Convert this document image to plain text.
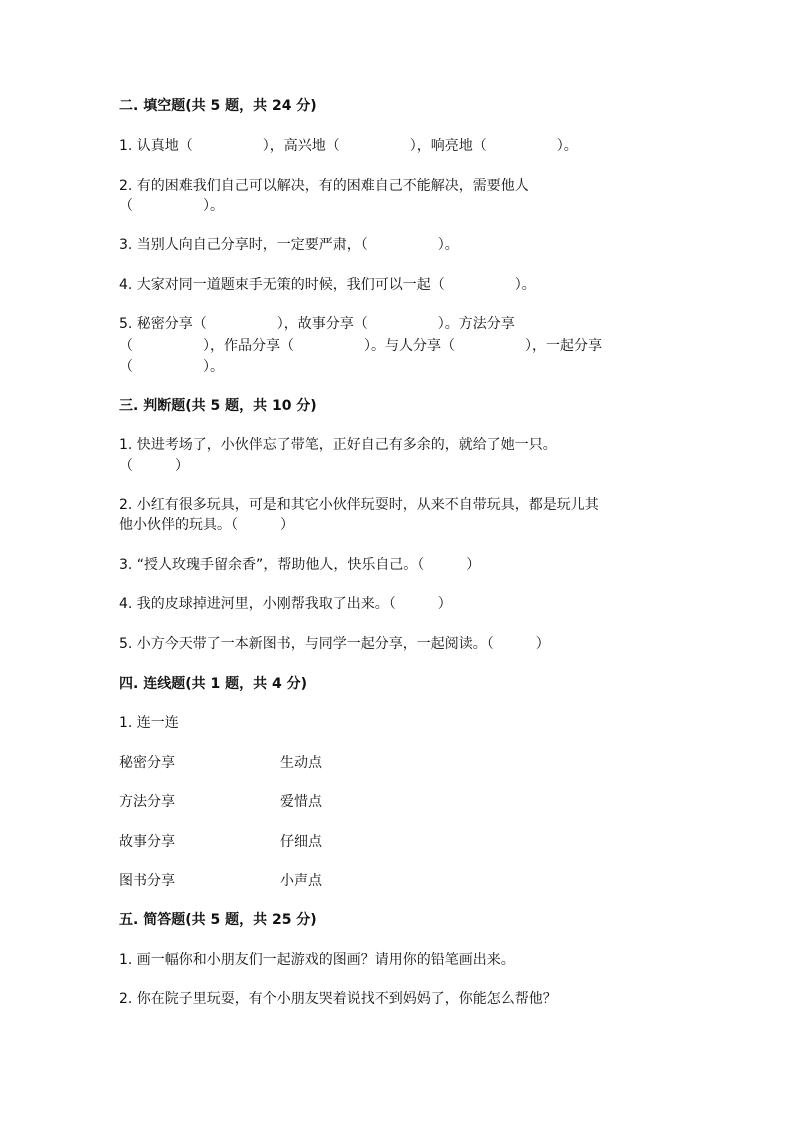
二. 填空题(共 5 题，共 24 分)
1. 认真地（　　　　　），高兴地（　　　　　），响亮地（　　　　　）。
2. 有的困难我们自己可以解决，有的困难自己不能解决，需要他人
（　　　　　）。
3. 当别人向自己分享时，一定要严肃，（　　　　　）。
4. 大家对同一道题束手无策的时候，我们可以一起（　　　　　）。
5. 秘密分享（　　　　　），故事分享（　　　　　）。方法分享
（　　　　　），作品分享（　　　　　）。与人分享（　　　　　），一起分享
（　　　　　）。
三. 判断题(共 5 题，共 10 分)
1. 快进考场了，小伙伴忘了带笔，正好自己有多余的，就给了她一只。
（　　　）
2. 小红有很多玩具，可是和其它小伙伴玩耍时，从来不自带玩具，都是玩儿其
他小伙伴的玩具。（　　　）
3. “授人玫瑰手留余香”，帮助他人，快乐自己。（　　　）
4. 我的皮球掉进河里，小刚帮我取了出来。（　　　）
5. 小方今天带了一本新图书，与同学一起分享，一起阅读。（　　　）
四. 连线题(共 1 题，共 4 分)
1. 连一连
秘密分享	生动点
方法分享	爱惜点
故事分享	仔细点
图书分享	小声点
五. 简答题(共 5 题，共 25 分)
1. 画一幅你和小朋友们一起游戏的图画？请用你的铅笔画出来。
2. 你在院子里玩耍，有个小朋友哭着说找不到妈妈了，你能怎么帮他？
